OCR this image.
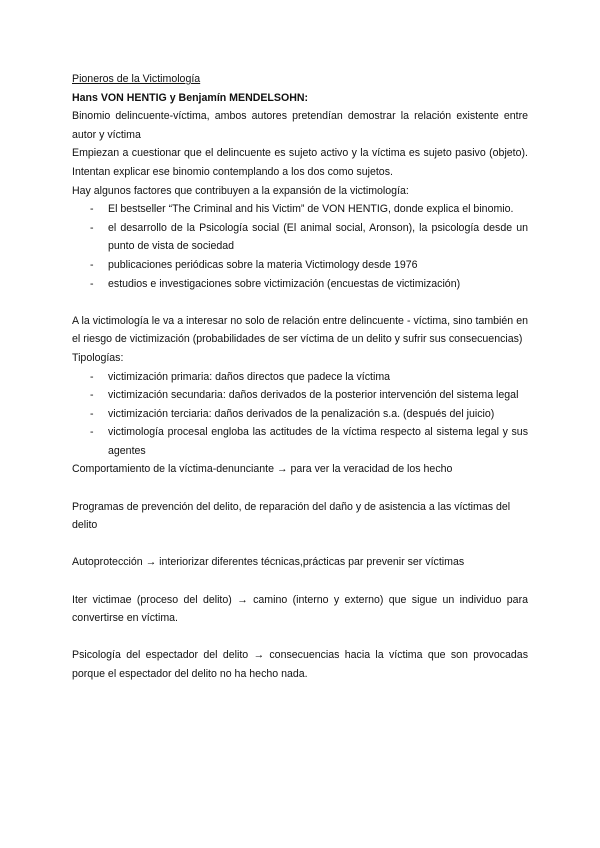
Pioneros de la Victimología

Hans VON HENTIG y Benjamín MENDELSOHN:

Binomio delincuente-víctima, ambos autores pretendían demostrar la relación existente entre autor y víctima

Empiezan a cuestionar que el delincuente es sujeto activo y la víctima es sujeto pasivo (objeto). Intentan explicar ese binomio contemplando a los dos como sujetos.

Hay algunos factores que contribuyen a la expansión de la victimología:

- El bestseller “The Criminal and his Victim” de VON HENTIG, donde explica el binomio.
- el desarrollo de la Psicología social (El animal social, Aronson), la psicología desde un punto de vista de sociedad
- publicaciones periódicas sobre la materia Victimology desde 1976
- estudios e investigaciones sobre victimización (encuestas de victimización)

A la victimología le va a interesar no solo de relación entre delincuente - víctima, sino también en el riesgo de victimización (probabilidades de ser víctima de un delito y sufrir sus consecuencias)

Tipologías:

- victimización primaria: daños directos que padece la víctima
- victimización secundaria: daños derivados de la posterior intervención del sistema legal
- victimización terciaria: daños derivados de la penalización s.a. (después del juicio)
- victimología procesal engloba las actitudes de la víctima respecto al sistema legal y sus agentes

Comportamiento de la víctima-denunciante → para ver la veracidad de los hecho

Programas de prevención del delito, de reparación del daño y de asistencia a las víctimas del delito

Autoprotección → interiorizar diferentes técnicas,prácticas par prevenir ser víctimas

Iter victimae (proceso del delito) → camino (interno y externo) que sigue un individuo para convertirse en víctima.

Psicología del espectador del delito → consecuencias hacia la víctima que son provocadas porque el espectador del delito no ha hecho nada.
